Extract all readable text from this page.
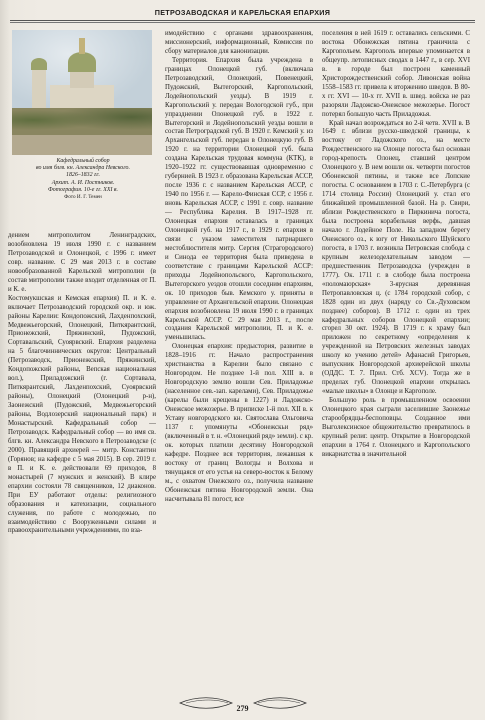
ПЕТРОЗАВОДСКАЯ И КАРЕЛЬСКАЯ ЕПАРХИЯ
Кафедральный собор
во имя блгв. кн. Александра Невского.
1826–1832 гг.
Архит. А. И. Постников.
Фотография. 10-е гг. XXI в.
Фото И. Г. Темен

дением митрополитом Ленинградских, возобновлена 19 июля 1990 г. с названием Петрозаводской и Олонецкой, с 1996 г. имеет совр. название. С 29 мая 2013 г. в составе новообразованной Карельской митрополии (в состав митрополии также входит отделенная от П. и К. е.

Костомукшская и Кемская епархия) П. и К. е. включает Петрозаводский городской окр. и юж. районы Карелии: Кондопожский, Лахденпохский, Медвежьегорский, Олонецкий, Питкярантский, Прионежский, Пряжинский, Пудожский, Сортавальский, Суоярвский. Епархия разделена на 5 благочиннических округов: Центральный (Петрозаводск, Прионежский, Пряжинский, Кондопожский районы, Вепская национальная вол.), Приладожский (г. Сортавала, Питкярантский, Лахденпохский, Суоярвский районы), Олонецкий (Олонецкий р-н), Заонежский (Пудожский, Медвежьегорский районы, Водлозерский национальный парк) и Монастырский. Кафедральный собор — Петрозаводск. Кафедральный собор — во имя св. блгв. кн. Александра Невского в Петрозаводске (с 2000). Правящий архиерей — митр. Константин (Горянов; на кафедре с 5 мая 2015). В сер. 2019 г. в П. и К. е. действовали 69 приходов, 8 монастырей (7 мужских и женский). В клире епархии состояли 78 священников, 12 диаконов. При ЕУ работают отделы: религиозного образования и катехизации, социального служения, по работе с молодежью, по взаимодействию с Вооруженными силами и правоохранительными учреждениями, по вза-

имодействию с органами здравоохранения, миссионерский, информационный, Комиссия по сбору материалов для канонизации.

Территория. Епархия была учреждена в границах Олонецкой губ. (включала Петрозаводский, Олонецкий, Повенецкий, Пудожский, Вытегорский, Каргопольский, Лодейнопольский уезды). В 1919 г. Каргопольский у. передан Вологодской губ., при упразднении Олонецкой губ. в 1922 г. Вытегорский и Лодейнопольский уезды вошли в состав Петроградской губ. В 1920 г. Кемский у. из Архангельской губ. передан в Олонецкую губ. В 1920 г. на территории Олонецкой губ. была создана Карельская трудовая коммуна (КТК), в 1920–1922 гг. существовавшая одновременно с губернией. В 1923 г. образована Карельская АССР, после 1936 г. с названием Карельская АССР, с 1940 по 1956 г. — Карело-Финская ССР, с 1956 г. вновь Карельская АССР, с 1991 г. совр. название — Республика Карелия. В 1917–1928 гг. Олонецкая епархия оставалась в границах Олонецкой губ. на 1917 г., в 1929 г. епархия в связи с указом заместителя патриаршего местоблюстителя митр. Сергия (Страгородского) и Синода ее территория была приведена в соответствие с границами Карельской АССР: приходы Лодейнопольского, Каргопольского, Вытегорского уездов отошли соседним епархиям, ок. 10 приходов быв. Кемского у. приняты в управление от Архангельской епархии. Олонецкая епархия возобновлена 19 июля 1990 г. в границах Карельской АССР. С 29 мая 2013 г., после создания Карельской митрополии, П. и К. е. уменьшилась.

Олонецкая епархия: предыстория, развитие в 1828–1916 гг. Начало распространения христианства в Карелии было связано с Новгородом. Не позднее 1-й пол. XIII в. в Новгородскую землю вошли Сев. Приладожье (населенное сев.-зап. карелами), Сев. Приладожье (карелы были крещены в 1227) и Ладожско-Онежское межозерье. В приписке 1-й пол. XII в. к Уставу новгородского кн. Святослава Ольговича 1137 г. упомянуты «Обонежскьи ряд» (включенный в т. н. «Олонецкий ряд» земли). с кр. ок. которых платили десятину Новгородской кафедре. Позднее вся территория, лежавшая к востоку от границ Вологды и Волхова и тянущаяся от его устья на северо-восток к Белому м., с охватом Онежского оз., получила название Обонежская пятина Новгородской земли. Она насчитывала 81 погост, все

поселения в ней 1619 г. оставались сельскими. С востока Обонежская пятина граничила с Каргопольем. Каргополь впервые упоминается в общеупр. летописных сводах в 1447 г., в сер. XVI в. в городе был построен каменный Христорождественский собор. Ливонская война 1558–1583 гг. привела к вторжению шведов. В 80-х гг. XVI — 10-х гг. XVII в. швед. войска не раз разоряли Ладожско-Онежское межозерье. Погост потерял большую часть Приладожья.

Край начал возрождаться во 2-й четв. XVII в. В 1649 г. вблизи русско-шведской границы, к востоку от Ладожского оз., на месте Рождественского на Олонце погоста был основан город-крепость Олонец, ставший центром Олонецкого у. В нем вошли ок. четверти погостов Обонежской пятины, и также все Лопские погосты. С основанием в 1703 г. С.-Петербурга (с 1714 столица России) Олонецкий у. стал его ближайшей промышленной базой. На р. Свири, вблизи Рождественского в Пиркинича погоста, была построена корабельная верфь, давшая начало г. Лодейное Поле. На западном берегу Онежского оз., к югу от Никольского Шуйского погоста, в 1703 г. возникла Петровская слобода с крупным железоделательным заводом — предшественник Петрозаводска (учрежден в 1777). Ок. 1711 г. в слободе была построена «поломаюрская» 3-ярусная деревянная Петропавловская ц. (с 1784 городской собор, с 1828 один из двух (наряду со Св.-Духовском позднее) соборов). В 1712 г. один из трех кафедральных соборов Олонецкой епархии; сгорел 30 окт. 1924). В 1719 г. к храму был приложен по секретному «определения к учрежденной на Петровских железных заводах школу ко учению детей» Афанасий Григорьев, выпускник Новгородской архиерейской школы (ОДДС. Т. 7. Прил. Стб. XCV). Тогда же в пределах губ. Олонецкой епархии открылась «малые школы» в Олонце и Каргополе.

Большую роль в промышленном освоении Олонецкого края сыграли заселившие Заонежье старообрядцы-беспоповцы. Созданное ими Выголексинское общежительство превратилось в крупный религ. центр. Открытие в Новгородской епархии в 1764 г. Олонецкого и Каргопольского викариатства в значительной

279
